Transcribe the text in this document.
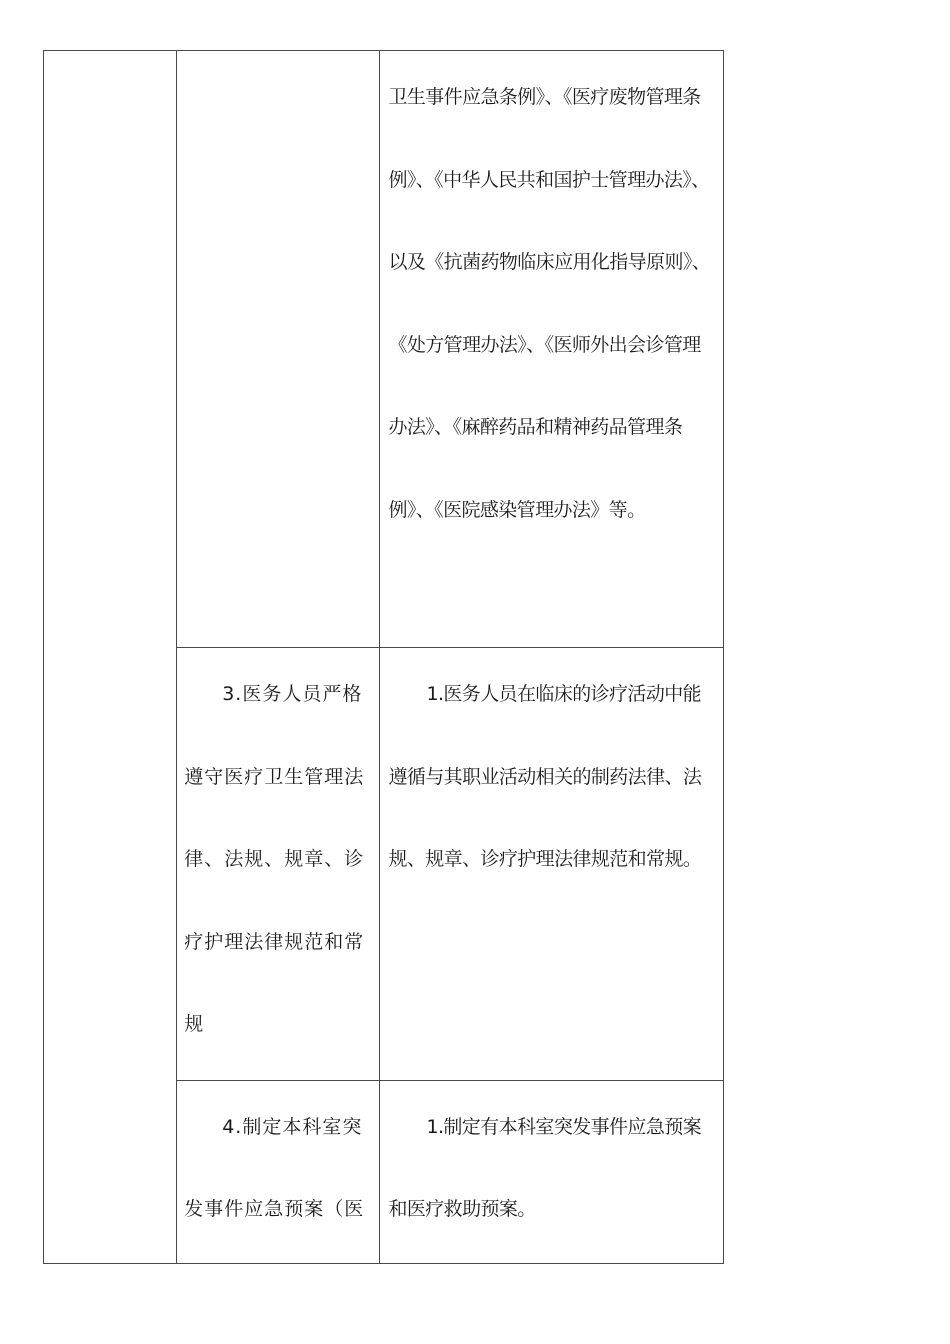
		卫生事件应急条例》、《医疗废物管理条例》、《中华人民共和国护士管理办法》、以及《抗菌药物临床应用化指导原则》、《处方管理办法》、《医师外出会诊管理办法》、《麻醉药品和精神药品管理条例》、《医院感染管理办法》等。

	3.医务人员严格遵守医疗卫生管理法律、法规、规章、诊疗护理法律规范和常规	1.医务人员在临床的诊疗活动中能遵循与其职业活动相关的制药法律、法规、规章、诊疗护理法律规范和常规。

	4.制定本科室突发事件应急预案（医	1.制定有本科室突发事件应急预案和医疗救助预案。
